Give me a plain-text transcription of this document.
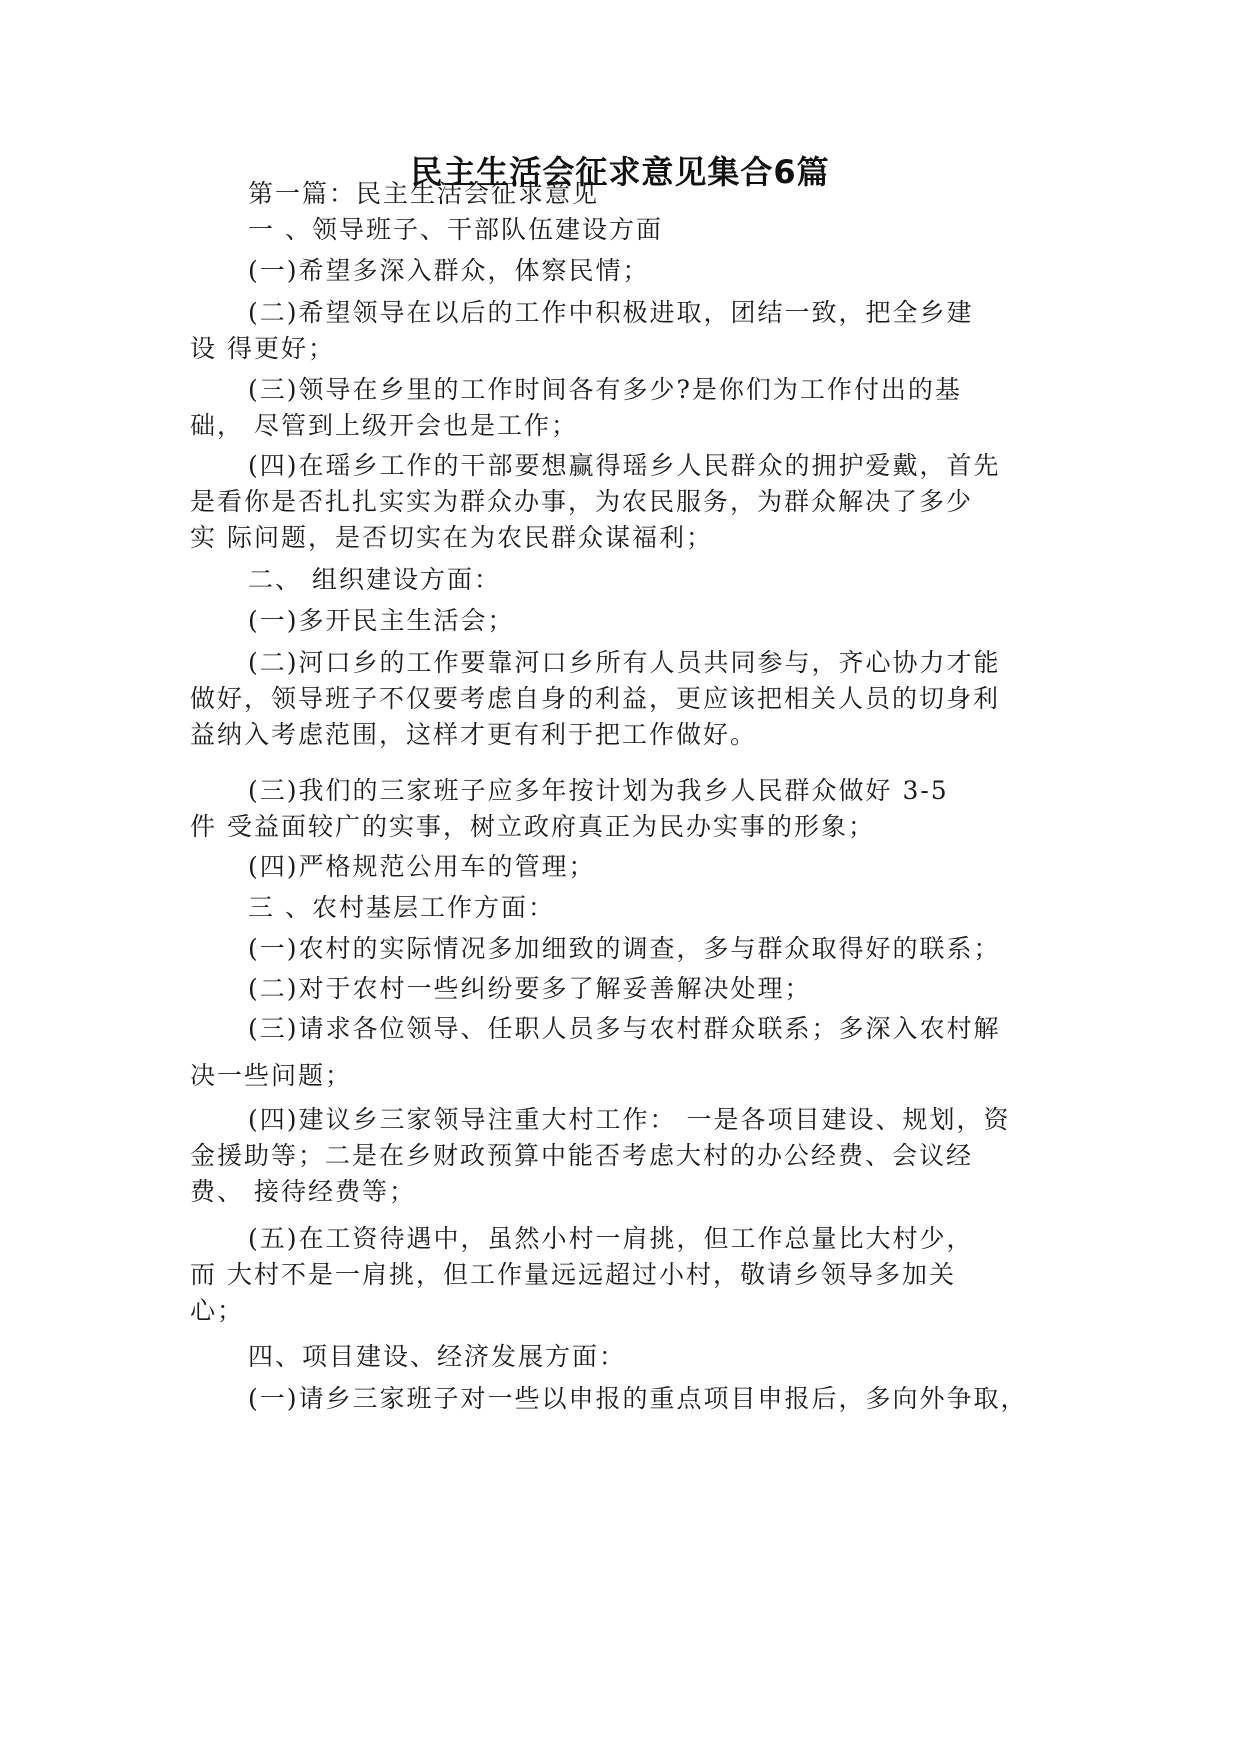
民主生活会征求意见集合6篇
第一篇：民主生活会征求意见
一 、领导班子、干部队伍建设方面
(一)希望多深入群众，体察民情；
(二)希望领导在以后的工作中积极进取，团结一致，把全乡建
设 得更好；
(三)领导在乡里的工作时间各有多少?是你们为工作付出的基
础， 尽管到上级开会也是工作；
(四)在瑶乡工作的干部要想赢得瑶乡人民群众的拥护爱戴，首先
是看你是否扎扎实实为群众办事，为农民服务，为群众解决了多少
实 际问题，是否切实在为农民群众谋福利；
二、 组织建设方面：
(一)多开民主生活会；
(二)河口乡的工作要靠河口乡所有人员共同参与，齐心协力才能
做好，领导班子不仅要考虑自身的利益，更应该把相关人员的切身利
益纳入考虑范围，这样才更有利于把工作做好。
(三)我们的三家班子应多年按计划为我乡人民群众做好 3-5
件 受益面较广的实事，树立政府真正为民办实事的形象；
(四)严格规范公用车的管理；
三 、农村基层工作方面：
(一)农村的实际情况多加细致的调查，多与群众取得好的联系；
(二)对于农村一些纠纷要多了解妥善解决处理；
(三)请求各位领导、任职人员多与农村群众联系；多深入农村解
决一些问题；
(四)建议乡三家领导注重大村工作： 一是各项目建设、规划，资
金援助等；二是在乡财政预算中能否考虑大村的办公经费、会议经
费、 接待经费等；
(五)在工资待遇中，虽然小村一肩挑，但工作总量比大村少，
而 大村不是一肩挑，但工作量远远超过小村，敬请乡领导多加关
心；
四、项目建设、经济发展方面：
(一)请乡三家班子对一些以申报的重点项目申报后，多向外争取，
